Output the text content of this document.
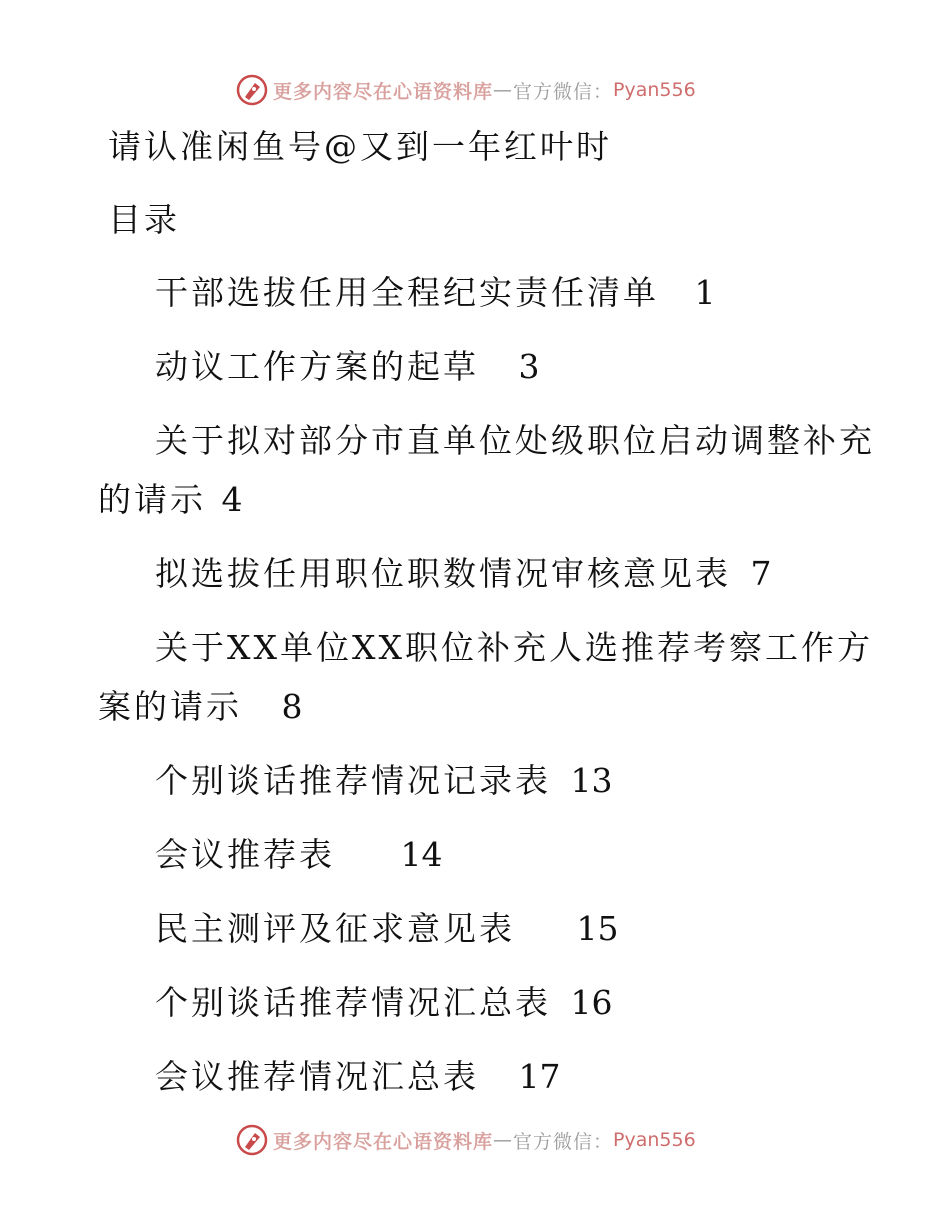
更多内容尽在心语资料库 — 官方微信： Pyan556
请认准闲鱼号@又到一年红叶时
目录
干部选拔任用全程纪实责任清单 1
动议工作方案的起草 3
关于拟对部分市直单位处级职位启动调整补充
的请示 4
拟选拔任用职位职数情况审核意见表 7
关于XX单位XX职位补充人选推荐考察工作方
案的请示 8
个别谈话推荐情况记录表 13
会议推荐表 14
民主测评及征求意见表 15
个别谈话推荐情况汇总表 16
会议推荐情况汇总表 17
更多内容尽在心语资料库 — 官方微信： Pyan556
